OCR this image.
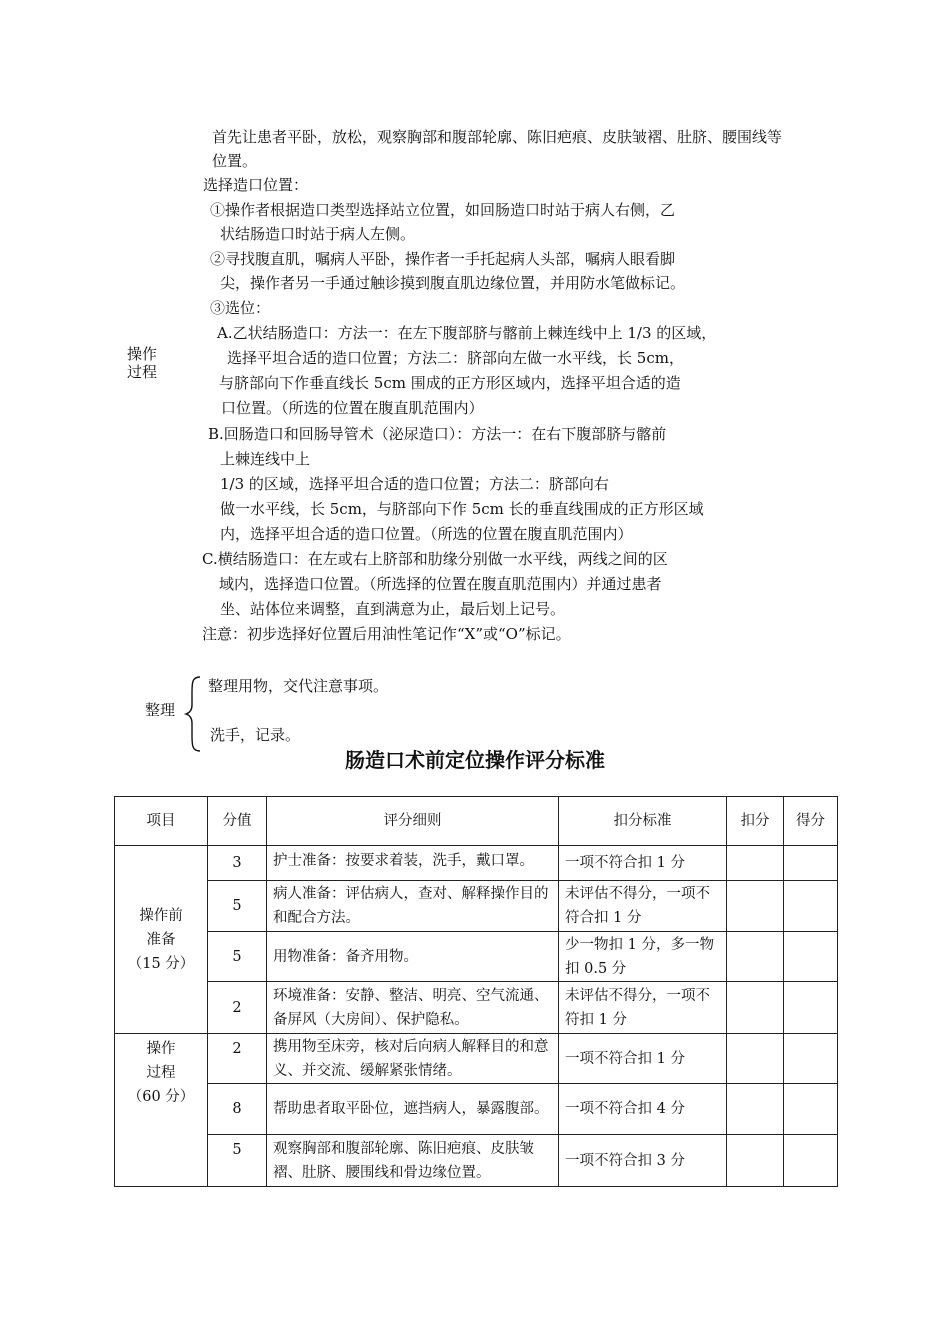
操作
过程
首先让患者平卧，放松，观察胸部和腹部轮廓、陈旧疤痕、皮肤皱褶、肚脐、腰围线等
位置。
选择造口位置：
①操作者根据造口类型选择站立位置，如回肠造口时站于病人右侧，乙
状结肠造口时站于病人左侧。
②寻找腹直肌，嘱病人平卧，操作者一手托起病人头部，嘱病人眼看脚
尖，操作者另一手通过触诊摸到腹直肌边缘位置，并用防水笔做标记。
③选位：
A.乙状结肠造口：方法一：在左下腹部脐与髂前上棘连线中上 1/3 的区域，
选择平坦合适的造口位置；方法二：脐部向左做一水平线，长 5cm，
与脐部向下作垂直线长 5cm 围成的正方形区域内，选择平坦合适的造
口位置。（所选的位置在腹直肌范围内）
B.回肠造口和回肠导管术（泌尿造口）：方法一：在右下腹部脐与髂前
上棘连线中上
1/3 的区域，选择平坦合适的造口位置；方法二：脐部向右
做一水平线，长 5cm，与脐部向下作 5cm 长的垂直线围成的正方形区域
内，选择平坦合适的造口位置。（所选的位置在腹直肌范围内）
C.横结肠造口：在左或右上脐部和肋缘分别做一水平线，两线之间的区
域内，选择造口位置。（所选择的位置在腹直肌范围内）并通过患者
坐、站体位来调整，直到满意为止，最后划上记号。
注意：初步选择好位置后用油性笔记作“X”或“O”标记。
整理
整理用物，交代注意事项。
洗手，记录。
肠造口术前定位操作评分标准
项目	分值	评分细则	扣分标准	扣分	得分

操作前
准备
（15 分）	3	护士准备：按要求着装，洗手，戴口罩。	一项不符合扣 1 分		
	5	病人准备：评估病人，查对、解释操作目的和配合方法。	未评估不得分，一项不符合扣 1 分		
	5	用物准备：备齐用物。	少一物扣 1 分，多一物扣 0.5 分		
	2	环境准备：安静、整洁、明亮、空气流通、备屏风（大房间）、保护隐私。	未评估不得分，一项不符扣 1 分		

操作
过程
（60 分）	2	携用物至床旁，核对后向病人解释目的和意义、并交流、缓解紧张情绪。	一项不符合扣 1 分		
	8	帮助患者取平卧位，遮挡病人，暴露腹部。	一项不符合扣 4 分		
	5	观察胸部和腹部轮廓、陈旧疤痕、皮肤皱褶、肚脐、腰围线和骨边缘位置。	一项不符合扣 3 分		
